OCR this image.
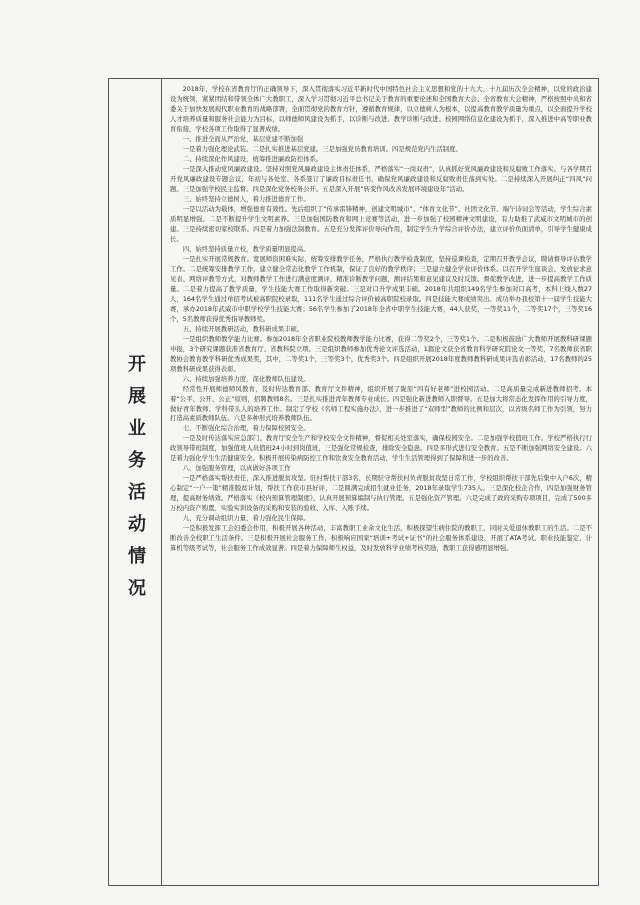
开展业务活动情况

2018年，学校在省教育厅的正确领导下，深入贯彻落实习近平新时代中国特色社会主义思想和党的十九大、十九届历次全会精神，以党的政治建设为统领，紧紧团结和带领全体广大教职工，深入学习贯彻习近平总书记关于教育的重要论述和全国教育大会、全省教育大会精神，严格按照中央和省委关于加快发展现代职业教育的战略部署，全面贯彻党的教育方针，遵循教育规律，以立德树人为根本，以提高教育教学质量为重点，以全面提升学校人才培养质量和服务社会能力为目标，以师德师风建设为抓手，以诊断与改进、教学诊断与改进、校园网络信息化建设为抓手，深入推进中高等职业教育衔接，学校各项工作取得了显著成绩。

一、推进全面从严治党，基层党建不断加强

一是着力强化理论武装。二是扎实推进基层党建。三是加强党员教育培训。四是规范党内生活制度。

二、持续深化作风建设，统筹推进廉政防控体系。

一是深入推动党风廉政建设。坚持对照党风廉政建设主体责任体系，严格落实“一岗双责”，认真抓好党风廉政建设和反腐败工作落实。与各学期召开党风廉政建设专题会议，年初与各处室、各系签订了廉政目标责任书，确保党风廉政建设和反腐败责任落到实处。二是持续深入开展纠正“四风”问题。三是加强学校民主监督。四是深化党务校务公开。五是深入开展“转变作风改善发展环境建设年”活动。

三、始终坚持立德树人，着力推进德育工作。

一是以活动为载体，增强德育有效性。先后组织了“传承雷锋精神，创建文明城市”、“体育文化节”、社团文化节、端午诗词会等活动，学生综合素质明显增强。二是不断提升学生文明素养。三是加强国防教育和网上竞赛等活动，进一步加强了校园精神文明建设，有力助推了武威市文明城市的创建。三是持续密切家校联系。四是着力加强法制教育。五是充分发挥评价导向作用，制定学生升学综合评价办法，建立评价负面清单，引导学生健康成长。

四、始终坚持质量立校，教学质量明显提高。

一是扎实开展常规教育。宽展师资困难实际，统筹安排教学任务，严格执行教学检查制度，坚持巡课检查，定期召开教学会议，聘请督导评估教学工作。二是统筹安排教学工作，建立健全常态化教学工作机制，保证了良好的教学秩序；三是建立健全学业评价体系。以召开学生座谈会、发放征求意见表、网络评教等方式，对教师教学工作进行满意度测评，精准诊断教学问题，测评结果和意见建议及时反馈。督促教学改进，进一步提高教学工作质量。二是着力提高了教学质量，学生技能大赛工作取得新突破。三是对口升学成果丰硕。2018年共组织149名学生参加对口高考，本科上线人数27人，164名学生通过单招考试被高职院校录取，111名学生通过综合评价被高职院校录取。四是技能大赛成绩突出。成功举办我校第十一届学生技能大赛，承办2018年武威市中职学校学生技能大赛；56名学生参加了2018年全省中职学生技能大赛，44人获奖，一等奖11个，二等奖17个，三等奖16个，5名教师获得优秀指导教师奖。

五、持续开展教研活动，教科研成果丰硕。

一是组织教师教学能力比赛。参加2018年全省职业院校教师教学能力比赛，获得二等奖2个，三等奖1个。二是积极鼓励广大教师开展教科研课题申报，3个研究课题获准省教育厅、省教科院立项。三是组织教师参加优秀论文评选活动，1篇论文获全省教育科学研究院论文一等奖，7名教师获省职教协会教育教学科研优秀成果奖，其中，二等奖1个，三等奖3个，优秀奖3个。四是组织开展2018年度教师教科研成果评选表彰活动，17名教师的25项教科研成果获得表彰。

六、持续加强培养力度，深化教师队伍建设。

经常性开展师德师风教育，及时传达教育部、教育厅文件精神，组织开展了陇原“四有好老师”进校园活动。二是高质量完成新进教师招考。本着“公平、公开、公正”原则，招聘教师8名。三是扎实推进青年教师专业成长。四是强化新进教师入职督导。五是加大将常态化发挥作用的引导力度，做好青年教师、学科带头人的培养工作。制定了学校《名师工程实施办法》，进一步推进了“双师型”教师的比例和层次，以省级名师工作为引领，努力打造高素质教师队伍。六是多种形式培养教师队伍。

七、不断强化综合治理，着力保障校园安全。

一是及时传达落实应急部门、教育厅安全生产和学校安全文件精神，督促相关处室落实，确保校园安全。二是加强学校值班工作。学校严格执行行政领导带班制度，加强值班人员值班24小时到岗值班，三是强化常规检查，排除安全隐患。四是多形式进行安全教育。五是不断加强网络安全建设。六是着力强化学生生活健康安全。积极开展传染病防控工作和饮食安全教育活动，学生生活管理得到了保障和进一步的改善。

八、加强服务管理，以真做好各项工作

一是严格落实帮扶责任，深入推进脱贫攻坚。驻村帮扶干部3名，长期驻守帮扶村负责脱贫攻坚日常工作，学校组织帮扶干部先后集中入户6次，精心制定“一户一策”精准脱贫计划，帮扶工作获市县好评，二是圆满完成招生就业任务，2018年录取学生735人。三是深化校企合作，四是加强财务管理，提高财务绩效。严格落实《校内预算管理制度》，认真开展预算编制与执行管理。五是强化资产管理。六是完成了政府采购专项项目，完成了500多万校内资产购置、实验实训设备的采购和安装的验收、入库、入账手续。

九、充分调动组织力量，着力强化民生保障。

一是积极发挥工会妇委会作用，积极开展各种活动，丰富教职工业余文化生活，积极探望生病住院的教职工，同时关爱退休教职工的生活。二是不断改善全校职工生活条件。三是积极开展社会服务工作，积极响应国家“培训+考试+证书”的社会服务体系建设，开展了ATA考试、职业技能鉴定、计算机等级考试等，社会服务工作成效显著。四是着力保障师生权益，及时发放科学业绩考核奖励，教职工获得感明显增强。
